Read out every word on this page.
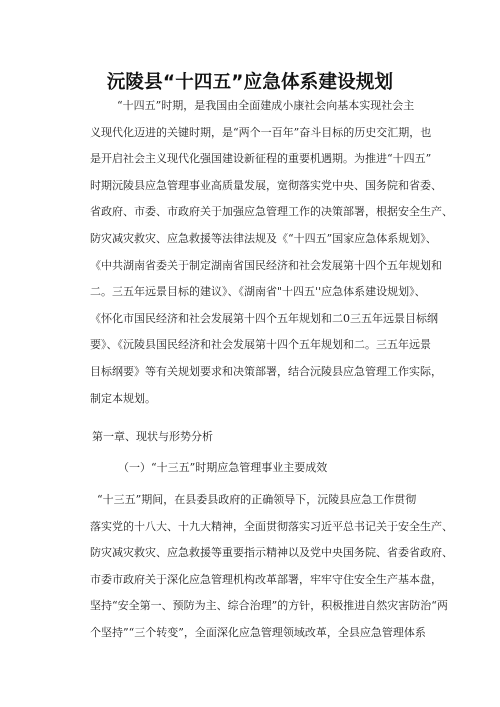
沅陵县“十四五”应急体系建设规划
“十四五”时期，是我国由全面建成小康社会向基本实现社会主
义现代化迈进的关键时期，是“两个一百年”奋斗目标的历史交汇期，也
是开启社会主义现代化强国建设新征程的重要机遇期。为推进“十四五”
时期沅陵县应急管理事业高质量发展，宽彻落实党中央、国务院和省委、
省政府、市委、市政府关于加强应急管理工作的决策部署，根据安全生产、
防灾减灾救灾、应急救援等法律法规及《“十四五”国家应急体系规划》、
《中共湖南省委关于制定湖南省国民经济和社会发展第十四个五年规划和
二。三五年远景目标的建议》、《湖南省"十四五''应急体系建设规划》、
《怀化市国民经济和社会发展第十四个五年规划和二0三五年远景目标纲
要》、《沅陵县国民经济和社会发展第十四个五年规划和二。三五年远景
目标纲要》等有关规划要求和决策部署，结合沅陵县应急管理工作实际，
制定本规划。
第一章、现状与形势分析
（一）“十三五”时期应急管理事业主要成效
“十三五”期间，在县委县政府的正确领导下，沅陵县应急工作贯彻
落实党的十八大、十九大精神，全面贯彻落实习近平总书记关于安全生产、
防灾减灾救灾、应急救援等重要指示精神以及党中央国务院、省委省政府、
市委市政府关于深化应急管理机构改革部署，牢牢守住安全生产基本盘，
坚持“安全第一、预防为主、综合治理”的方针，积极推进自然灾害防治“两
个坚持”“三个转变”，全面深化应急管理领域改革，全县应急管理体系
